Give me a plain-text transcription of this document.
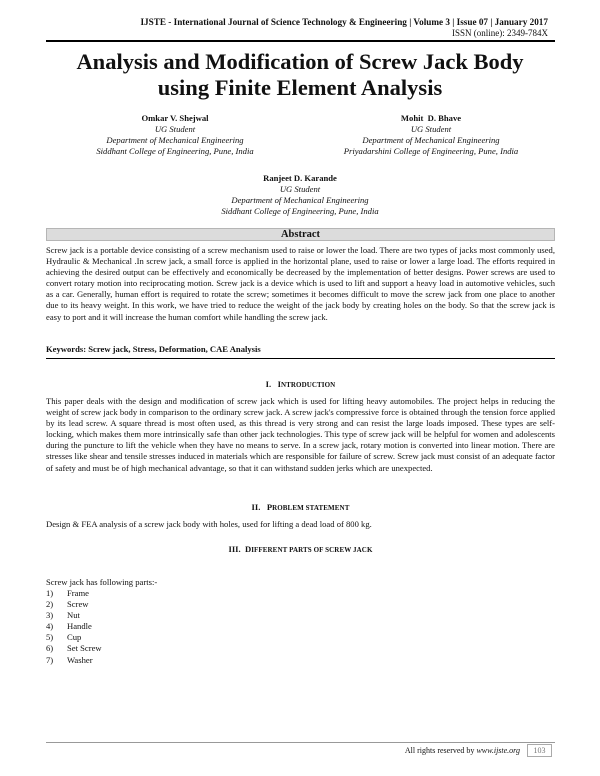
IJSTE - International Journal of Science Technology & Engineering | Volume 3 | Issue 07 | January 2017
ISSN (online): 2349-784X
Analysis and Modification of Screw Jack Body
using Finite Element Analysis
Omkar V. Shejwal
UG Student
Department of Mechanical Engineering
Siddhant College of Engineering, Pune, India
Mohit  D. Bhave
UG Student
Department of Mechanical Engineering
Priyadarshini College of Engineering, Pune, India
Ranjeet D. Karande
UG Student
Department of Mechanical Engineering
Siddhant College of Engineering, Pune, India
Abstract
Screw jack is a portable device consisting of a screw mechanism used to raise or lower the load. There are two types of jacks most commonly used, Hydraulic & Mechanical .In screw jack, a small force is applied in the horizontal plane, used to raise or lower a large load. The efforts required in achieving the desired output can be effectively and economically be decreased by the implementation of better designs. Power screws are used to convert rotary motion into reciprocating motion. Screw jack is a device which is used to lift and support a heavy load in automotive vehicles, such as a car. Generally, human effort is required to rotate the screw; sometimes it becomes difficult to move the screw jack from one place to another due to its heavy weight. In this work, we have tried to reduce the weight of the jack body by creating holes on the body. So that the screw jack is easy to port and it will increase the human comfort while handling the screw jack.
Keywords: Screw jack, Stress, Deformation, CAE Analysis
I. INTRODUCTION
This paper deals with the design and modification of screw jack which is used for lifting heavy automobiles. The project helps in reducing the weight of screw jack body in comparison to the ordinary screw jack. A screw jack's compressive force is obtained through the tension force applied by its lead screw. A square thread is most often used, as this thread is very strong and can resist the large loads imposed. These types are self-locking, which makes them more intrinsically safe than other jack technologies. This type of screw jack will be helpful for women and adolescents during the puncture to lift the vehicle when they have no means to serve. In a screw jack, rotary motion is converted into linear motion. There are stresses like shear and tensile stresses induced in materials which are responsible for failure of screw. Screw jack must consist of an adequate factor of safety and must be of high mechanical advantage, so that it can withstand sudden jerks which are unexpected.
II. PROBLEM STATEMENT
Design & FEA analysis of a screw jack body with holes, used for lifting a dead load of 800 kg.
III. DIFFERENT PARTS OF SCREW JACK
Screw jack has following parts:-
1)	Frame
2)	Screw
3)	Nut
4)	Handle
5)	Cup
6)	Set Screw
7)	Washer
All rights reserved by www.ijste.org	103
